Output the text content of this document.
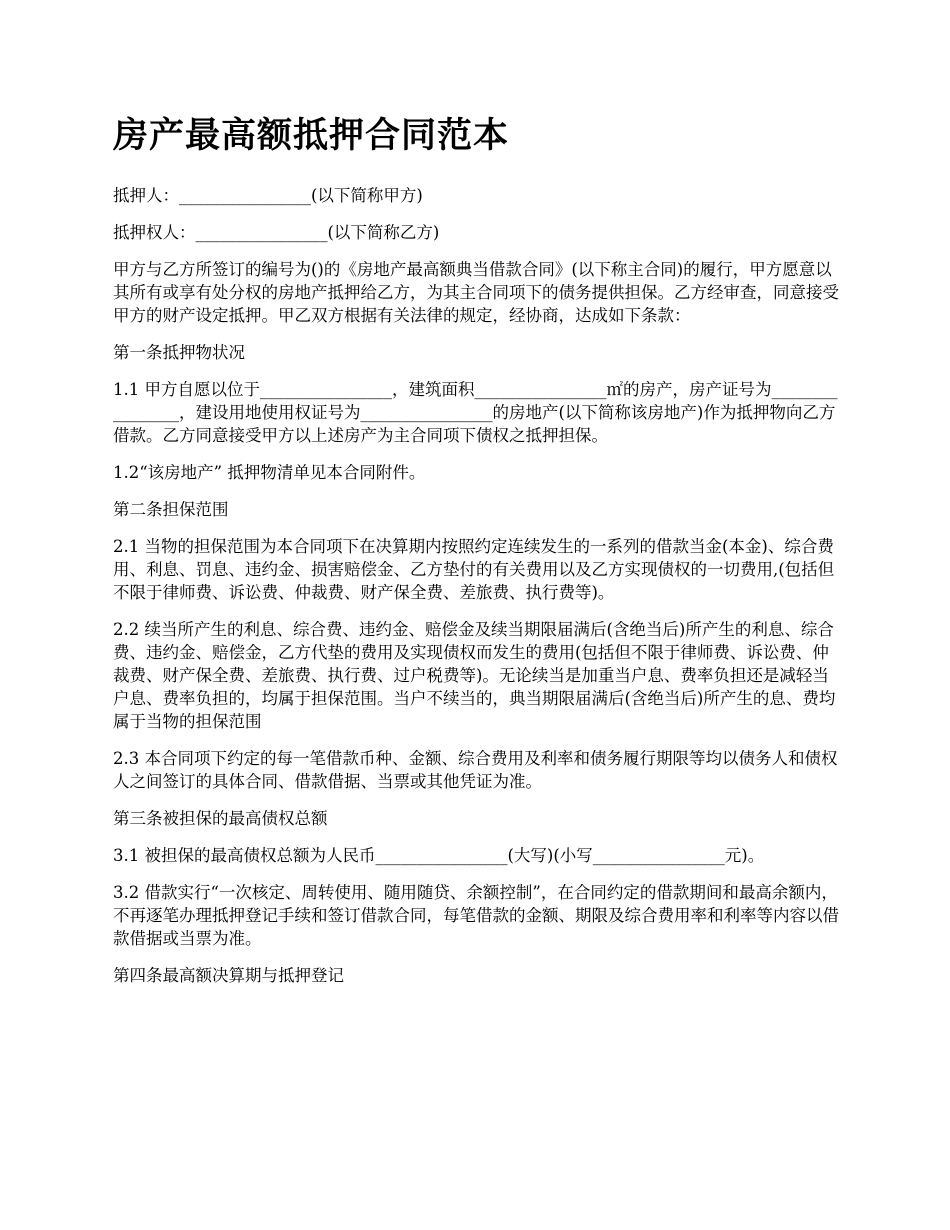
房产最高额抵押合同范本

抵押人：________________(以下简称甲方)

抵押权人：________________(以下简称乙方)

甲方与乙方所签订的编号为()的《房地产最高额典当借款合同》(以下称主合同)的履行，甲方愿意以其所有或享有处分权的房地产抵押给乙方，为其主合同项下的债务提供担保。乙方经审查，同意接受甲方的财产设定抵押。甲乙双方根据有关法律的规定，经协商，达成如下条款：

第一条抵押物状况

1.1 甲方自愿以位于________________，建筑面积________________㎡的房产，房产证号为________________，建设用地使用权证号为________________的房地产(以下简称该房地产)作为抵押物向乙方借款。乙方同意接受甲方以上述房产为主合同项下债权之抵押担保。

1.2“该房地产” 抵押物清单见本合同附件。

第二条担保范围

2.1 当物的担保范围为本合同项下在决算期内按照约定连续发生的一系列的借款当金(本金)、综合费用、利息、罚息、违约金、损害赔偿金、乙方垫付的有关费用以及乙方实现债权的一切费用,(包括但不限于律师费、诉讼费、仲裁费、财产保全费、差旅费、执行费等)。

2.2 续当所产生的利息、综合费、违约金、赔偿金及续当期限届满后(含绝当后)所产生的利息、综合费、违约金、赔偿金，乙方代垫的费用及实现债权而发生的费用(包括但不限于律师费、诉讼费、仲裁费、财产保全费、差旅费、执行费、过户税费等)。无论续当是加重当户息、费率负担还是减轻当户息、费率负担的，均属于担保范围。当户不续当的，典当期限届满后(含绝当后)所产生的息、费均属于当物的担保范围

2.3 本合同项下约定的每一笔借款币种、金额、综合费用及利率和债务履行期限等均以债务人和债权人之间签订的具体合同、借款借据、当票或其他凭证为准。

第三条被担保的最高债权总额

3.1 被担保的最高债权总额为人民币________________(大写)(小写________________元)。

3.2 借款实行“一次核定、周转使用、随用随贷、余额控制”，在合同约定的借款期间和最高余额内，不再逐笔办理抵押登记手续和签订借款合同，每笔借款的金额、期限及综合费用率和利率等内容以借款借据或当票为准。

第四条最高额决算期与抵押登记
